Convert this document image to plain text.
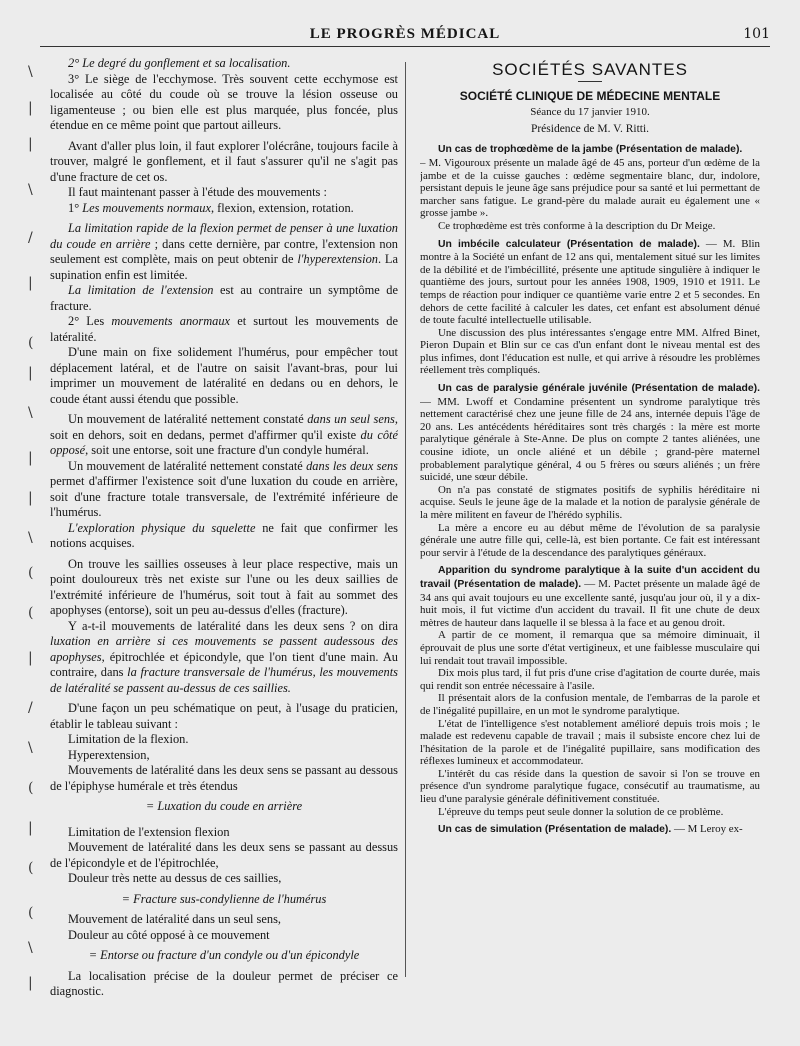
LE PROGRÈS MÉDICAL	101
\
|
|
\
/
|
(
|
\
|
|
\
(
(
|
/
\
(
|
(
(
\
|

2° Le degré du gonflement et sa localisation.

3° Le siège de l'ecchymose. Très souvent cette ecchymose est localisée au côté du coude où se trouve la lésion osseuse ou ligamenteuse ; ou bien elle est plus marquée, plus foncée, plus étendue en ce même point que partout ailleurs.

Avant d'aller plus loin, il faut explorer l'olécrâne, toujours facile à trouver, malgré le gonflement, et il faut s'assurer qu'il ne s'agit pas d'une fracture de cet os.

Il faut maintenant passer à l'étude des mouvements :

1° Les mouvements normaux, flexion, extension, rotation.

La limitation rapide de la flexion permet de penser à une luxation du coude en arrière ; dans cette dernière, par contre, l'extension non seulement est complète, mais on peut obtenir de l'hyperextension. La supination enfin est limitée.

La limitation de l'extension est au contraire un symptôme de fracture.

2° Les mouvements anormaux et surtout les mouvements de latéralité.

D'une main on fixe solidement l'humérus, pour empêcher tout déplacement latéral, et de l'autre on saisit l'avant-bras, pour lui imprimer un mouvement de latéralité en dedans ou en dehors, le coude étant aussi étendu que possible.

Un mouvement de latéralité nettement constaté dans un seul sens, soit en dehors, soit en dedans, permet d'affirmer qu'il existe du côté opposé, soit une entorse, soit une fracture d'un condyle huméral.

Un mouvement de latéralité nettement constaté dans les deux sens permet d'affirmer l'existence soit d'une luxation du coude en arrière, soit d'une fracture totale transversale, de l'extrémité inférieure de l'humérus.

L'exploration physique du squelette ne fait que confirmer les notions acquises.

On trouve les saillies osseuses à leur place respective, mais un point douloureux très net existe sur l'une ou les deux saillies de l'extrémité inférieure de l'humérus, soit tout à fait au sommet des apophyses (entorse), soit un peu au-dessus d'elles (fracture).

Y a-t-il mouvements de latéralité dans les deux sens ? on dira luxation en arrière si ces mouvements se passent audessous des apophyses, épitrochlée et épicondyle, que l'on tient d'une main. Au contraire, dans la fracture transversale de l'humérus, les mouvements de latéralité se passent au-dessus de ces saillies.

D'une façon un peu schématique on peut, à l'usage du praticien, établir le tableau suivant :

Limitation de la flexion.

Hyperextension,

Mouvements de latéralité dans les deux sens se passant au dessous de l'épiphyse humérale et très étendus

= Luxation du coude en arrière

Limitation de l'extension flexion

Mouvement de latéralité dans les deux sens se passant au dessus de l'épicondyle et de l'épitrochlée,

Douleur très nette au dessus de ces saillies,

= Fracture sus-condylienne de l'humérus

Mouvement de latéralité dans un seul sens,

Douleur au côté opposé à ce mouvement

= Entorse ou fracture d'un condyle ou d'un épicondyle

La localisation précise de la douleur permet de préciser ce diagnostic.

SOCIÉTÉS SAVANTES
SOCIÉTÉ CLINIQUE DE MÉDECINE MENTALE
Séance du 17 janvier 1910.
Présidence de M. V. Ritti.

Un cas de trophœdème de la jambe (Présentation de malade).

– M. Vigouroux présente un malade âgé de 45 ans, porteur d'un œdème de la jambe et de la cuisse gauches : œdème segmentaire blanc, dur, indolore, persistant depuis le jeune âge sans préjudice pour sa santé et lui permettant de marcher sans fatigue. Le grand-père du malade aurait eu également une « grosse jambe ».

Ce trophœdème est très conforme à la description du Dr Meige.

Un imbécile calculateur (Présentation de malade). — M. Blin montre à la Société un enfant de 12 ans qui, mentalement situé sur les limites de la débilité et de l'imbécillité, présente une aptitude singulière à indiquer le quantième des jours, surtout pour les années 1908, 1909, 1910 et 1911. Le temps de réaction pour indiquer ce quantième varie entre 2 et 5 secondes. En dehors de cette facilité à calculer les dates, cet enfant est absolument dénué de toute faculté intellectuelle utilisable.

Une discussion des plus intéressantes s'engage entre MM. Alfred Binet, Pieron Dupain et Blin sur ce cas d'un enfant dont le niveau mental est des plus infimes, dont l'éducation est nulle, et qui arrive à résoudre les problèmes réellement très compliqués.

Un cas de paralysie générale juvénile (Présentation de malade). — MM. Lwoff et Condamine présentent un syndrome paralytique très nettement caractérisé chez une jeune fille de 24 ans, internée depuis l'âge de 20 ans. Les antécédents héréditaires sont très chargés : la mère est morte paralytique générale à Ste-Anne. De plus on compte 2 tantes aliénées, une cousine idiote, un oncle aliéné et un débile ; grand-père maternel probablement paralytique général, 4 ou 5 frères ou sœurs aliénés ; un frère suicidé, une sœur débile.

On n'a pas constaté de stigmates positifs de syphilis héréditaire ni acquise. Seuls le jeune âge de la malade et la notion de paralysie générale de la mère militent en faveur de l'hérédo syphilis.

La mère a encore eu au début même de l'évolution de sa paralysie générale une autre fille qui, celle-là, est bien portante. Ce fait est intéressant pour servir à l'étude de la descendance des paralytiques généraux.

Apparition du syndrome paralytique à la suite d'un accident du travail (Présentation de malade). — M. Pactet présente un malade âgé de 34 ans qui avait toujours eu une excellente santé, jusqu'au jour où, il y a dix-huit mois, il fut victime d'un accident du travail. Il fit une chute de deux mètres de hauteur dans laquelle il se blessa à la face et au genou droit.

A partir de ce moment, il remarqua que sa mémoire diminuait, il éprouvait de plus une sorte d'état vertigineux, et une faiblesse musculaire qui lui rendait tout travail impossible.

Dix mois plus tard, il fut pris d'une crise d'agitation de courte durée, mais qui rendit son entrée nécessaire à l'asile.

Il présentait alors de la confusion mentale, de l'embarras de la parole et de l'inégalité pupillaire, en un mot le syndrome paralytique.

L'état de l'intelligence s'est notablement amélioré depuis trois mois ; le malade est redevenu capable de travail ; mais il subsiste encore chez lui de l'hésitation de la parole et de l'inégalité pupillaire, sans modification des réflexes lumineux et accommodateur.

L'intérêt du cas réside dans la question de savoir si l'on se trouve en présence d'un syndrome paralytique fugace, consécutif au traumatisme, au lieu d'une paralysie générale définitivement constituée.

L'épreuve du temps peut seule donner la solution de ce problème.

Un cas de simulation (Présentation de malade). — M Leroy ex-
